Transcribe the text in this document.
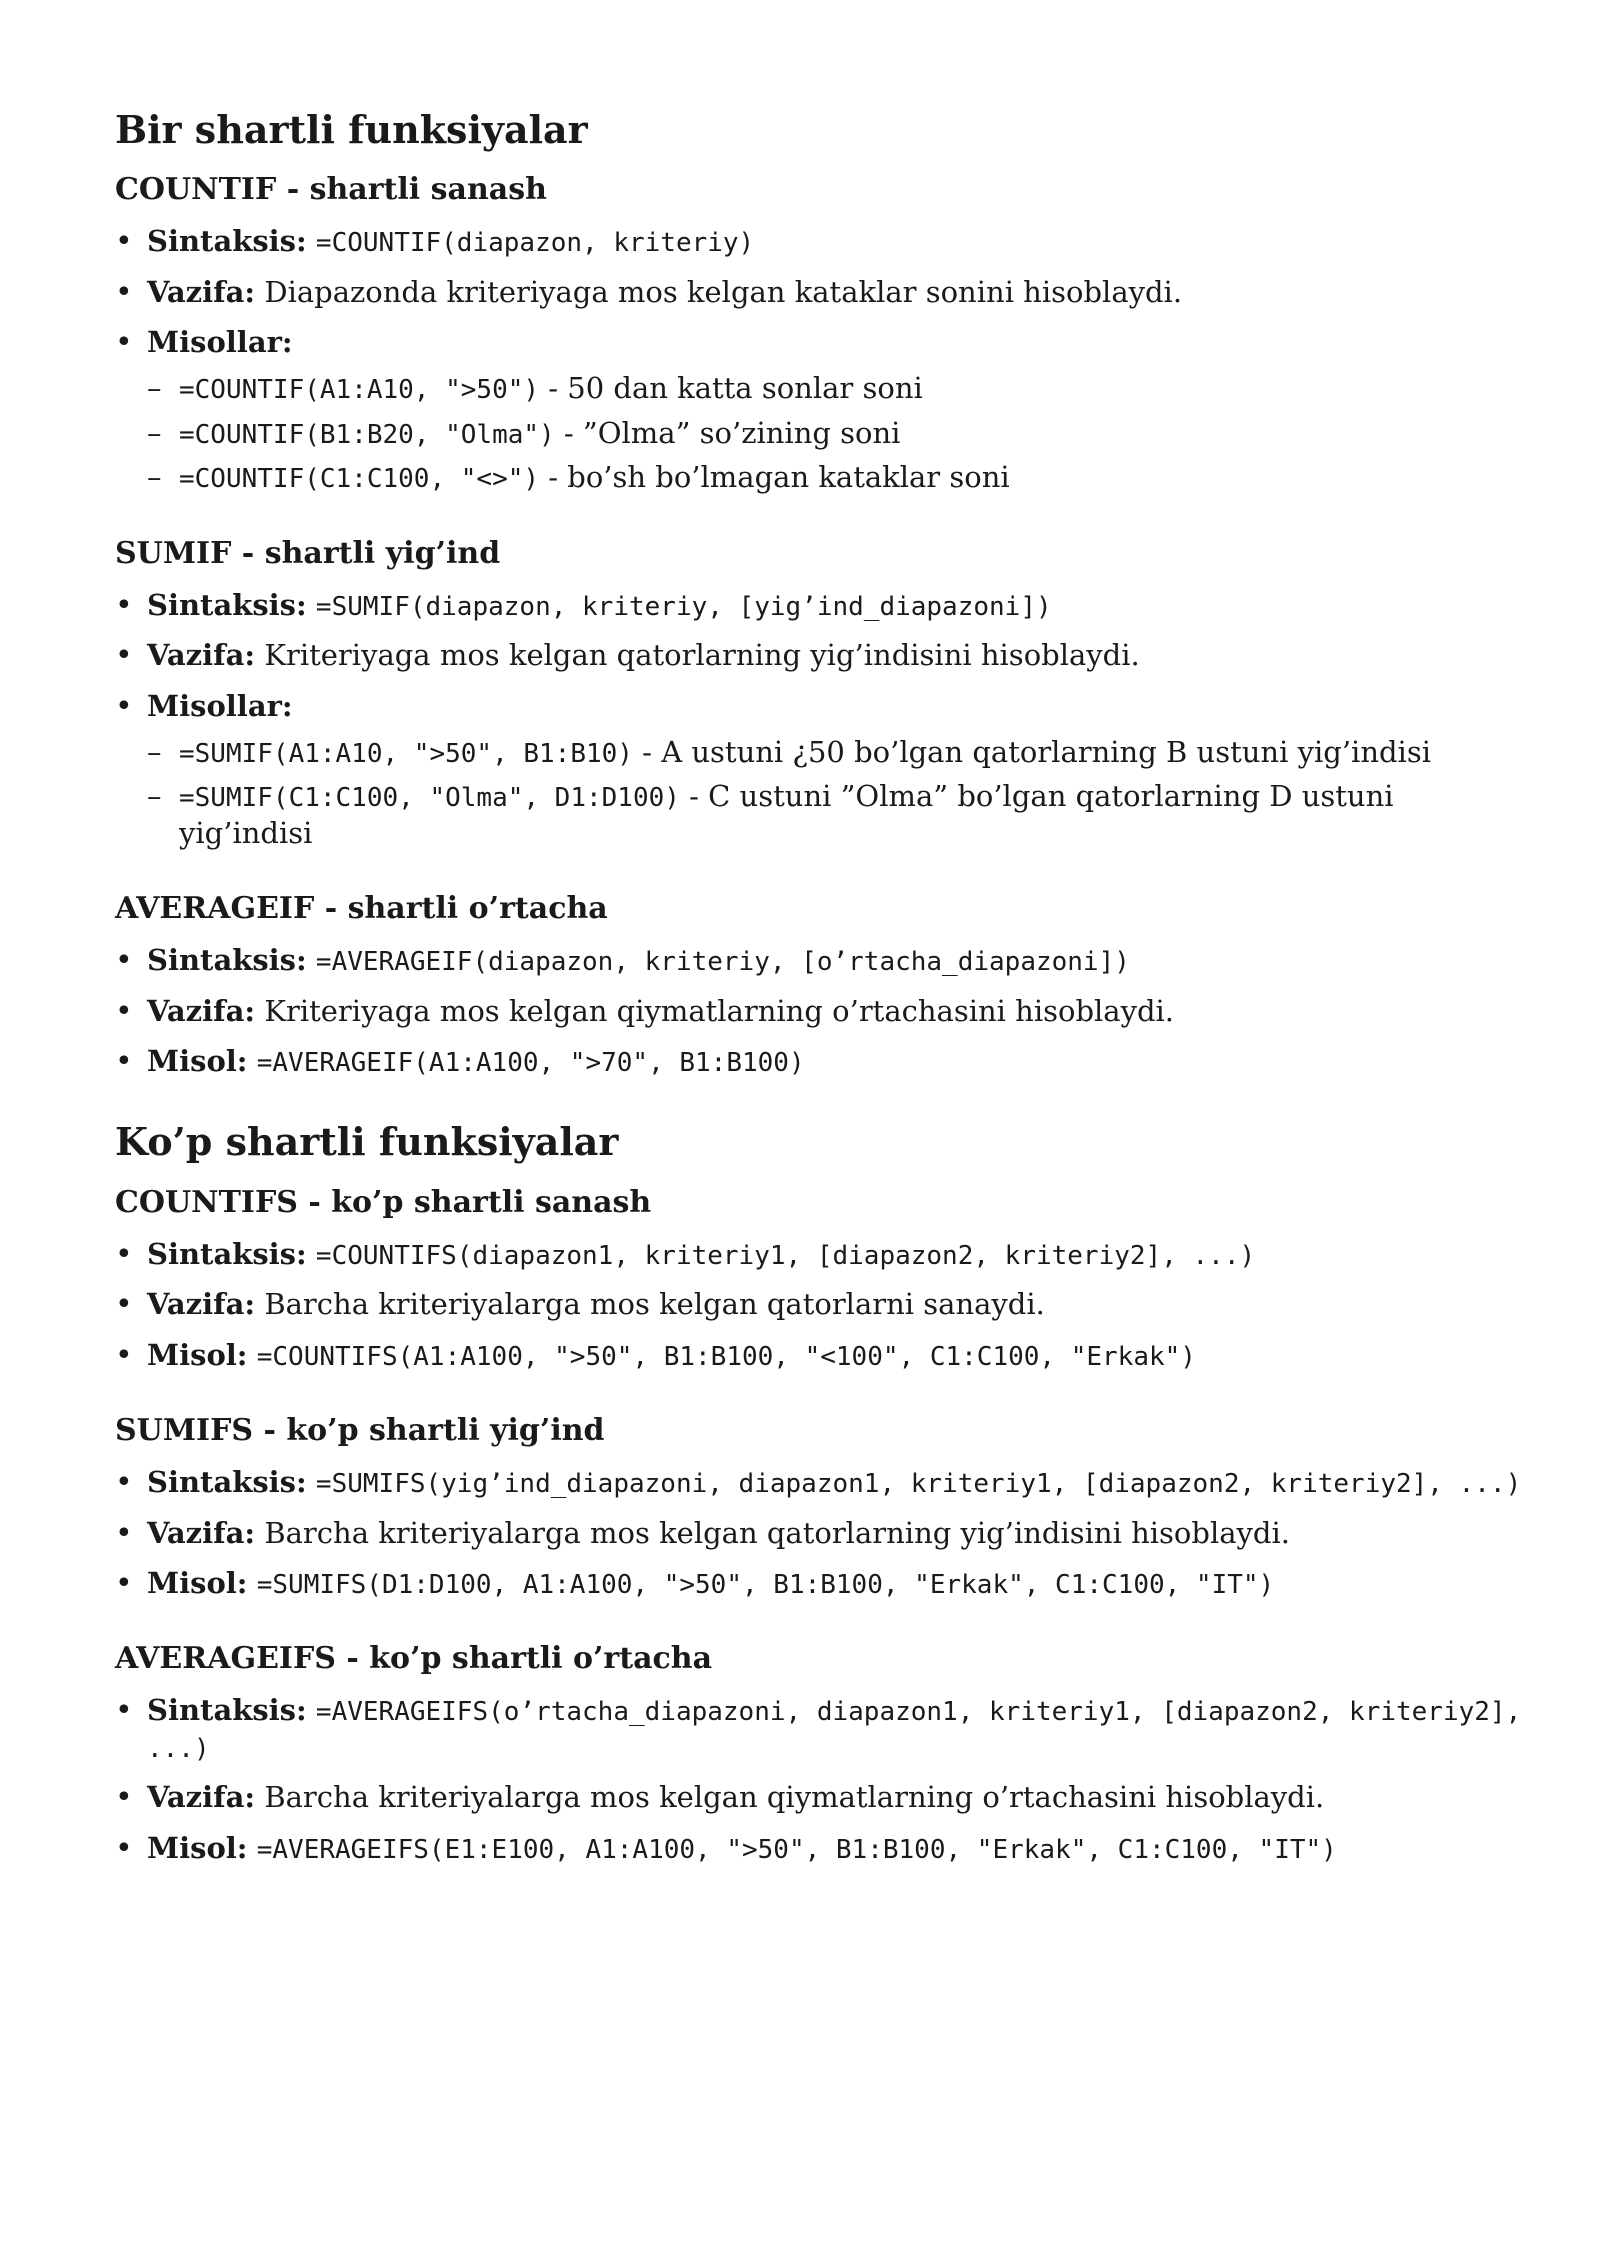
Bir shartli funksiyalar
COUNTIF - shartli sanash
• Sintaksis: =COUNTIF(diapazon, kriteriy)
• Vazifa: Diapazonda kriteriyaga mos kelgan kataklar sonini hisoblaydi.
• Misollar:
– =COUNTIF(A1:A10, ">50") - 50 dan katta sonlar soni
– =COUNTIF(B1:B20, "Olma") - ”Olma” so’zining soni
– =COUNTIF(C1:C100, "<>") - bo’sh bo’lmagan kataklar soni
SUMIF - shartli yig’ind
• Sintaksis: =SUMIF(diapazon, kriteriy, [yig’ind_diapazoni])
• Vazifa: Kriteriyaga mos kelgan qatorlarning yig’indisini hisoblaydi.
• Misollar:
– =SUMIF(A1:A10, ">50", B1:B10) - A ustuni ¿50 bo’lgan qatorlarning B ustuni yig’indisi
– =SUMIF(C1:C100, "Olma", D1:D100) - C ustuni ”Olma” bo’lgan qatorlarning D ustuni yig’indisi
AVERAGEIF - shartli o’rtacha
• Sintaksis: =AVERAGEIF(diapazon, kriteriy, [o’rtacha_diapazoni])
• Vazifa: Kriteriyaga mos kelgan qiymatlarning o’rtachasini hisoblaydi.
• Misol: =AVERAGEIF(A1:A100, ">70", B1:B100)
Ko’p shartli funksiyalar
COUNTIFS - ko’p shartli sanash
• Sintaksis: =COUNTIFS(diapazon1, kriteriy1, [diapazon2, kriteriy2], ...)
• Vazifa: Barcha kriteriyalarga mos kelgan qatorlarni sanaydi.
• Misol: =COUNTIFS(A1:A100, ">50", B1:B100, "<100", C1:C100, "Erkak")
SUMIFS - ko’p shartli yig’ind
• Sintaksis: =SUMIFS(yig’ind_diapazoni, diapazon1, kriteriy1, [diapazon2, kriteriy2], ...)
• Vazifa: Barcha kriteriyalarga mos kelgan qatorlarning yig’indisini hisoblaydi.
• Misol: =SUMIFS(D1:D100, A1:A100, ">50", B1:B100, "Erkak", C1:C100, "IT")
AVERAGEIFS - ko’p shartli o’rtacha
• Sintaksis: =AVERAGEIFS(o’rtacha_diapazoni, diapazon1, kriteriy1, [diapazon2, kriteriy2], ...)
• Vazifa: Barcha kriteriyalarga mos kelgan qiymatlarning o’rtachasini hisoblaydi.
• Misol: =AVERAGEIFS(E1:E100, A1:A100, ">50", B1:B100, "Erkak", C1:C100, "IT")
